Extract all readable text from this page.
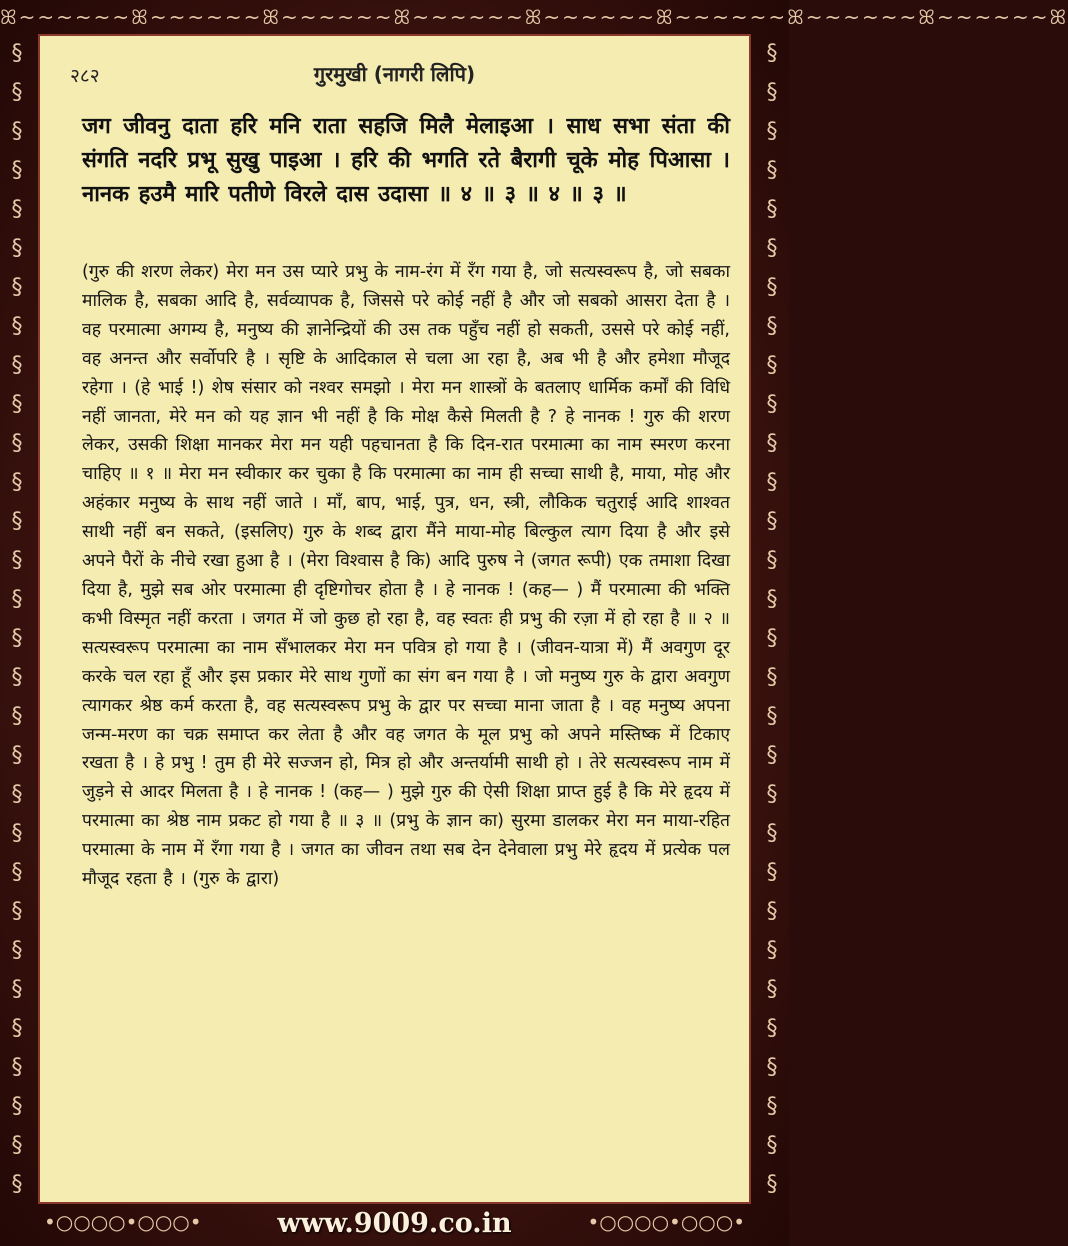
ꕤ~~~~~~ꕤ~~~~~~ꕤ~~~~~~ꕤ~~~~~~ꕤ~~~~~~ꕤ~~~~~~ꕤ~~~~~~ꕤ~~~~~~ꕤ
§
§
§
§
§
§
§
§
§
§
§
§
§
§
§
§
§
§
§
§
§
§
§
§
§
§
§
§
§
§
§
§
§
§
§
§
§
§
§
§
§
§
§
§
§
§
§
§
§
§
§
§
§
§
§
§
§
§
§
§
२८२	गुरमुखी (नागरी लिपि)
जग जीवनु दाता हरि मनि राता सहजि मिलै मेलाइआ । साध सभा संता की संगति नदरि प्रभू सुखु पाइआ । हरि की भगति रते बैरागी चूके मोह पिआसा । नानक हउमै मारि पतीणे विरले दास उदासा ॥ ४ ॥ ३ ॥ ४ ॥ ३ ॥
(गुरु की शरण लेकर) मेरा मन उस प्यारे प्रभु के नाम-रंग में रँग गया है, जो सत्यस्वरूप है, जो सबका मालिक है, सबका आदि है, सर्वव्यापक है, जिससे परे कोई नहीं है और जो सबको आसरा देता है । वह परमात्मा अगम्य है, मनुष्य की ज्ञानेन्द्रियों की उस तक पहुँच नहीं हो सकती, उससे परे कोई नहीं, वह अनन्त और सर्वोपरि है । सृष्टि के आदिकाल से चला आ रहा है, अब भी है और हमेशा मौजूद रहेगा । (हे भाई !) शेष संसार को नश्वर समझो । मेरा मन शास्त्रों के बतलाए धार्मिक कर्मों की विधि नहीं जानता, मेरे मन को यह ज्ञान भी नहीं है कि मोक्ष कैसे मिलती है ? हे नानक ! गुरु की शरण लेकर, उसकी शिक्षा मानकर मेरा मन यही पहचानता है कि दिन-रात परमात्मा का नाम स्मरण करना चाहिए ॥ १ ॥ मेरा मन स्वीकार कर चुका है कि परमात्मा का नाम ही सच्चा साथी है, माया, मोह और अहंकार मनुष्य के साथ नहीं जाते । माँ, बाप, भाई, पुत्र, धन, स्त्री, लौकिक चतुराई आदि शाश्वत साथी नहीं बन सकते, (इसलिए) गुरु के शब्द द्वारा मैंने माया-मोह बिल्कुल त्याग दिया है और इसे अपने पैरों के नीचे रखा हुआ है । (मेरा विश्वास है कि) आदि पुरुष ने (जगत रूपी) एक तमाशा दिखा दिया है, मुझे सब ओर परमात्मा ही दृष्टिगोचर होता है । हे नानक ! (कह— ) मैं परमात्मा की भक्ति कभी विस्मृत नहीं करता । जगत में जो कुछ हो रहा है, वह स्वतः ही प्रभु की रज़ा में हो रहा है ॥ २ ॥ सत्यस्वरूप परमात्मा का नाम सँभालकर मेरा मन पवित्र हो गया है । (जीवन-यात्रा में) मैं अवगुण दूर करके चल रहा हूँ और इस प्रकार मेरे साथ गुणों का संग बन गया है । जो मनुष्य गुरु के द्वारा अवगुण त्यागकर श्रेष्ठ कर्म करता है, वह सत्यस्वरूप प्रभु के द्वार पर सच्चा माना जाता है । वह मनुष्य अपना जन्म-मरण का चक्र समाप्त कर लेता है और वह जगत के मूल प्रभु को अपने मस्तिष्क में टिकाए रखता है । हे प्रभु ! तुम ही मेरे सज्जन हो, मित्र हो और अन्तर्यामी साथी हो । तेरे सत्यस्वरूप नाम में जुड़ने से आदर मिलता है । हे नानक ! (कह— ) मुझे गुरु की ऐसी शिक्षा प्राप्त हुई है कि मेरे हृदय में परमात्मा का श्रेष्ठ नाम प्रकट हो गया है ॥ ३ ॥ (प्रभु के ज्ञान का) सुरमा डालकर मेरा मन माया-रहित परमात्मा के नाम में रँगा गया है । जगत का जीवन तथा सब देन देनेवाला प्रभु मेरे हृदय में प्रत्येक पल मौजूद रहता है । (गुरु के द्वारा)
•○○○○•○○○•	www.9009.co.in	•○○○○•○○○•
